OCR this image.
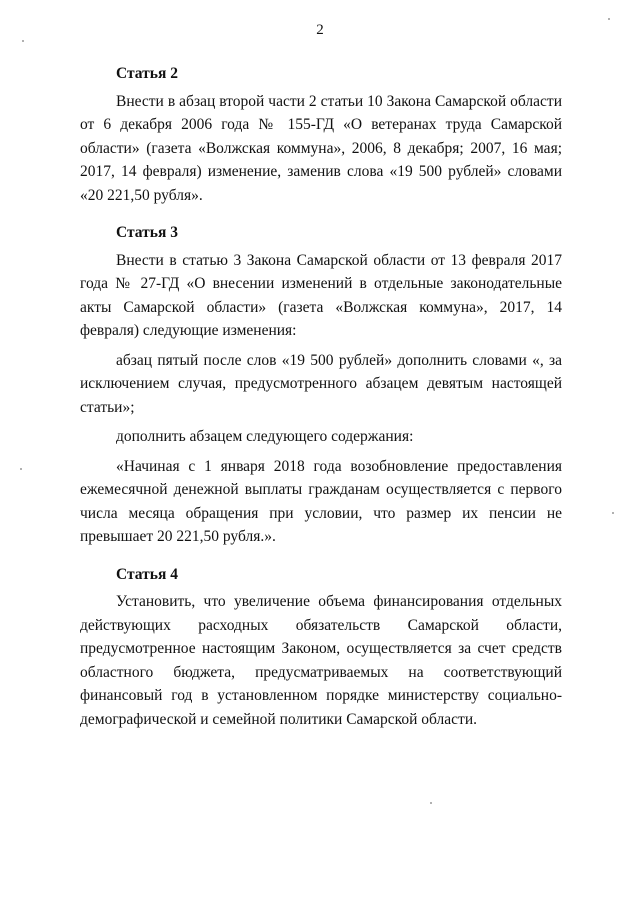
2
Статья 2

Внести в абзац второй части 2 статьи 10 Закона Самарской области от 6 декабря 2006 года № 155-ГД «О ветеранах труда Самарской области» (газета «Волжская коммуна», 2006, 8 декабря; 2007, 16 мая; 2017, 14 февраля) изменение, заменив слова «19 500 рублей» словами «20 221,50 рубля».

Статья 3

Внести в статью 3 Закона Самарской области от 13 февраля 2017 года № 27-ГД «О внесении изменений в отдельные законодательные акты Самарской области» (газета «Волжская коммуна», 2017, 14 февраля) следующие изменения:

абзац пятый после слов «19 500 рублей» дополнить словами «, за исключением случая, предусмотренного абзацем девятым настоящей статьи»;

дополнить абзацем следующего содержания:

«Начиная с 1 января 2018 года возобновление предоставления ежемесячной денежной выплаты гражданам осуществляется с первого числа месяца обращения при условии, что размер их пенсии не превышает 20 221,50 рубля.».

Статья 4

Установить, что увеличение объема финансирования отдельных действующих расходных обязательств Самарской области, предусмотренное настоящим Законом, осуществляется за счет средств областного бюджета, предусматриваемых на соответствующий финансовый год в установленном порядке министерству социально-демографической и семейной политики Самарской области.
